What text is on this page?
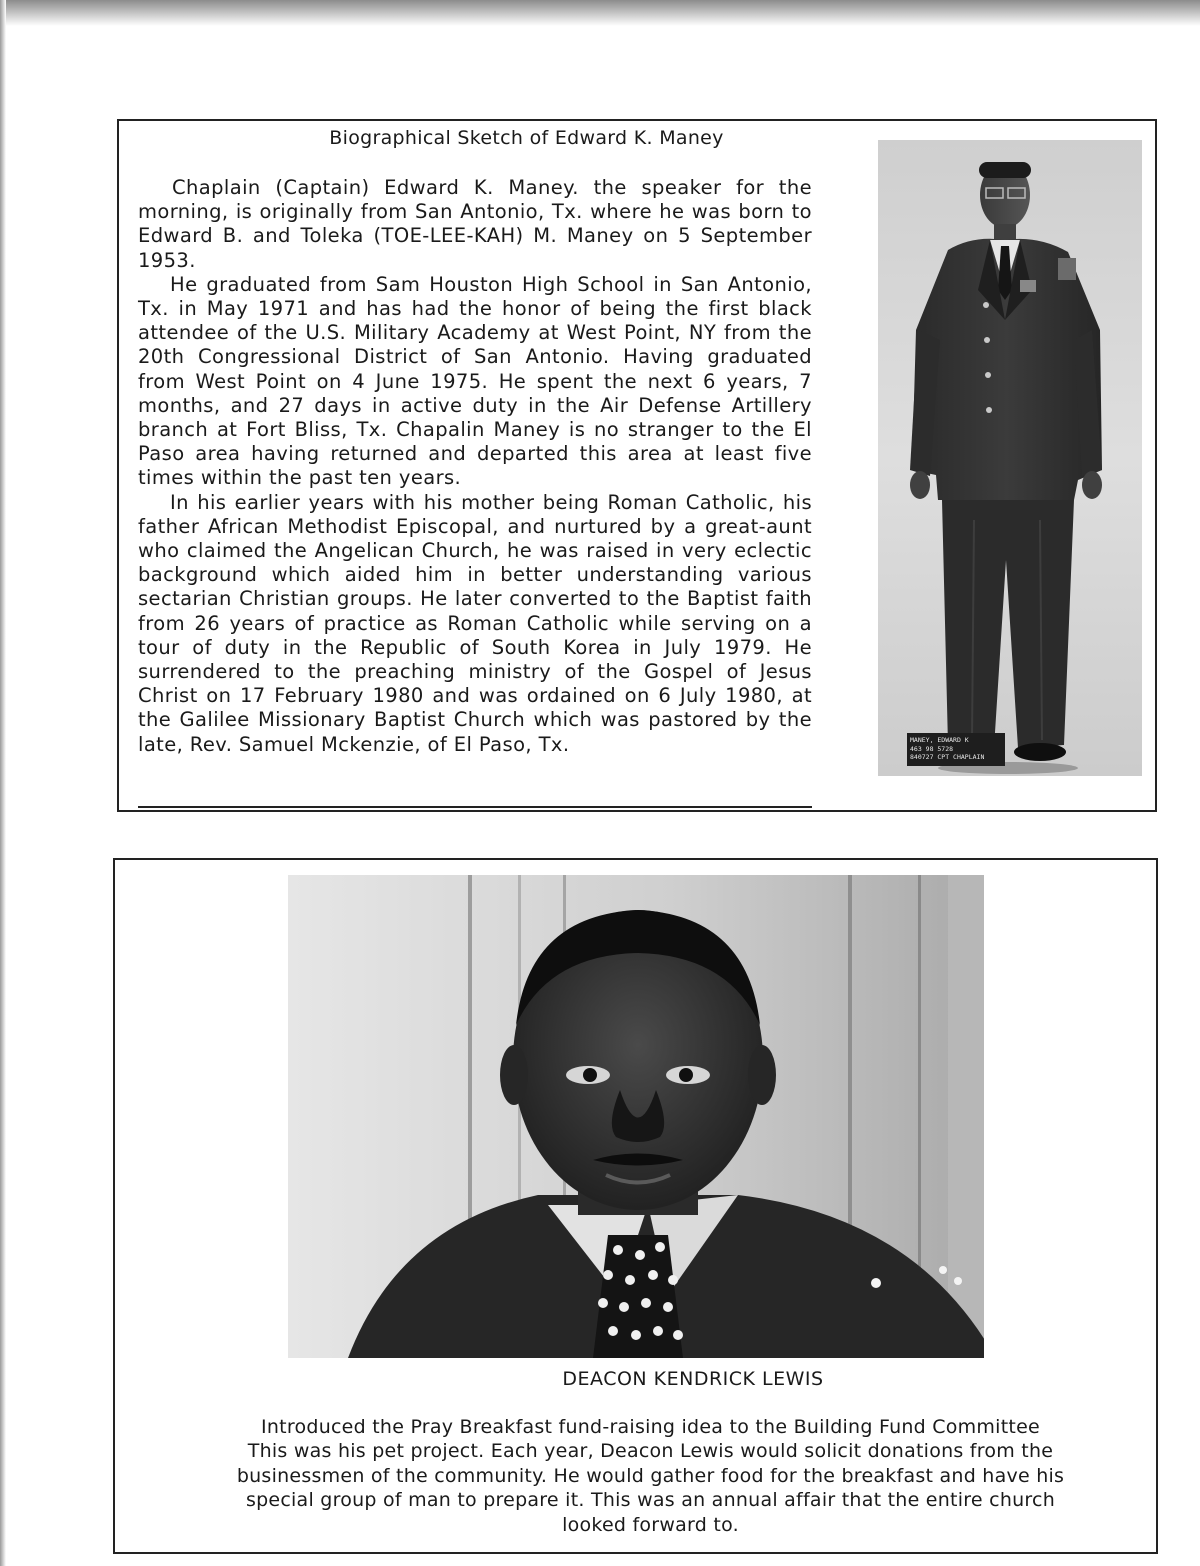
Biographical Sketch of Edward K. Maney

Chaplain (Captain) Edward K. Maney. the speaker for the morning, is originally from San Antonio, Tx. where he was born to Edward B. and Toleka (TOE-LEE-KAH) M. Maney on 5 September 1953.

He graduated from Sam Houston High School in San Antonio, Tx. in May 1971 and has had the honor of being the first black attendee of the U.S. Military Academy at West Point, NY from the 20th Congressional District of San Antonio. Having graduated from West Point on 4 June 1975. He spent the next 6 years, 7 months, and 27 days in active duty in the Air Defense Artillery branch at Fort Bliss, Tx. Chapalin Maney is no stranger to the El Paso area having returned and departed this area at least five times within the past ten years.

In his earlier years with his mother being Roman Catholic, his father African Methodist Episcopal, and nurtured by a great-aunt who claimed the Angelican Church, he was raised in very eclectic background which aided him in better understanding various sectarian Christian groups. He later converted to the Baptist faith from 26 years of practice as Roman Catholic while serving on a tour of duty in the Republic of South Korea in July 1979. He surrendered to the preaching ministry of the Gospel of Jesus Christ on 17 February 1980 and was ordained on 6 July 1980, at the Galilee Missionary Baptist Church which was pastored by the late, Rev. Samuel Mckenzie, of El Paso, Tx.	MANEY, EDWARD K
463 98 5728
840727 CPT CHAPLAIN
DEACON KENDRICK LEWIS

Introduced the Pray Breakfast fund-raising idea to the Building Fund Committee

This was his pet project. Each year, Deacon Lewis would solicit donations from the

businessmen of the community. He would gather food for the breakfast and have his

special group of man to prepare it. This was an annual affair that the entire church

looked forward to.
